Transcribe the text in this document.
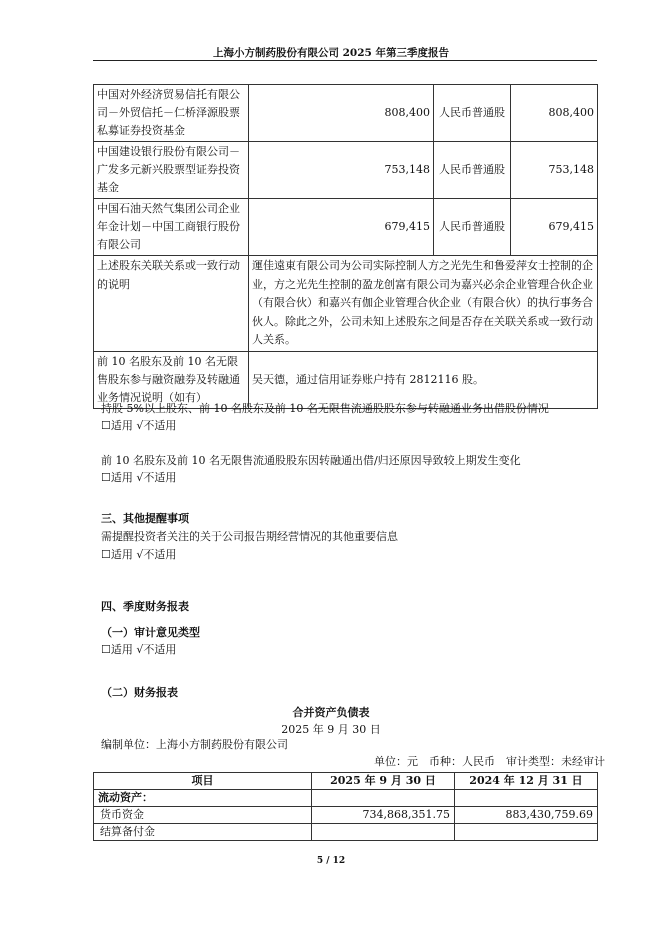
上海小方制药股份有限公司 2025 年第三季度报告
中国对外经济贸易信托有限公司－外贸信托－仁桥泽源股票私募证券投资基金	808,400	人民币普通股	808,400
中国建设银行股份有限公司－广发多元新兴股票型证券投资基金	753,148	人民币普通股	753,148
中国石油天然气集团公司企业年金计划－中国工商银行股份有限公司	679,415	人民币普通股	679,415
上述股东关联关系或一致行动的说明	運佳遠東有限公司为公司实际控制人方之光先生和鲁爱萍女士控制的企业，方之光先生控制的盈龙创富有限公司为嘉兴必余企业管理合伙企业（有限合伙）和嘉兴有伽企业管理合伙企业（有限合伙）的执行事务合伙人。除此之外，公司未知上述股东之间是否存在关联关系或一致行动人关系。		
前 10 名股东及前 10 名无限售股东参与融资融券及转融通业务情况说明（如有）	吴天德，通过信用证券账户持有 2812116 股。		
持股 5%以上股东、前 10 名股东及前 10 名无限售流通股股东参与转融通业务出借股份情况
☐适用 √不适用
前 10 名股东及前 10 名无限售流通股股东因转融通出借/归还原因导致较上期发生变化
☐适用 √不适用
三、其他提醒事项
需提醒投资者关注的关于公司报告期经营情况的其他重要信息
☐适用 √不适用
四、季度财务报表
（一）审计意见类型
☐适用 √不适用
（二）财务报表
合并资产负债表
2025 年 9 月 30 日
编制单位：上海小方制药股份有限公司
单位：元　币种：人民币　审计类型：未经审计
项目	2025 年 9 月 30 日	2024 年 12 月 31 日
流动资产：		
货币资金	734,868,351.75	883,430,759.69
结算备付金		
5 / 12
